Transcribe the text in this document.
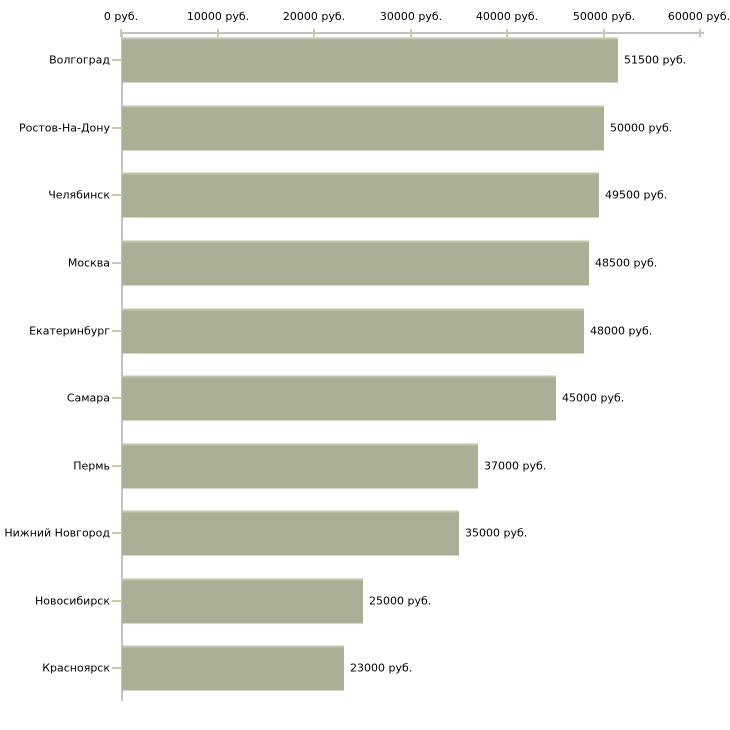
0 руб.	10000 руб.	20000 руб.	30000 руб.	40000 руб.	50000 руб.	60000 руб.
Волгоград	51500 руб.
Ростов-На-Дону	50000 руб.
Челябинск	49500 руб.
Москва	48500 руб.
Екатеринбург	48000 руб.
Самара	45000 руб.
Пермь	37000 руб.
Нижний Новгород	35000 руб.
Новосибирск	25000 руб.
Красноярск	23000 руб.
